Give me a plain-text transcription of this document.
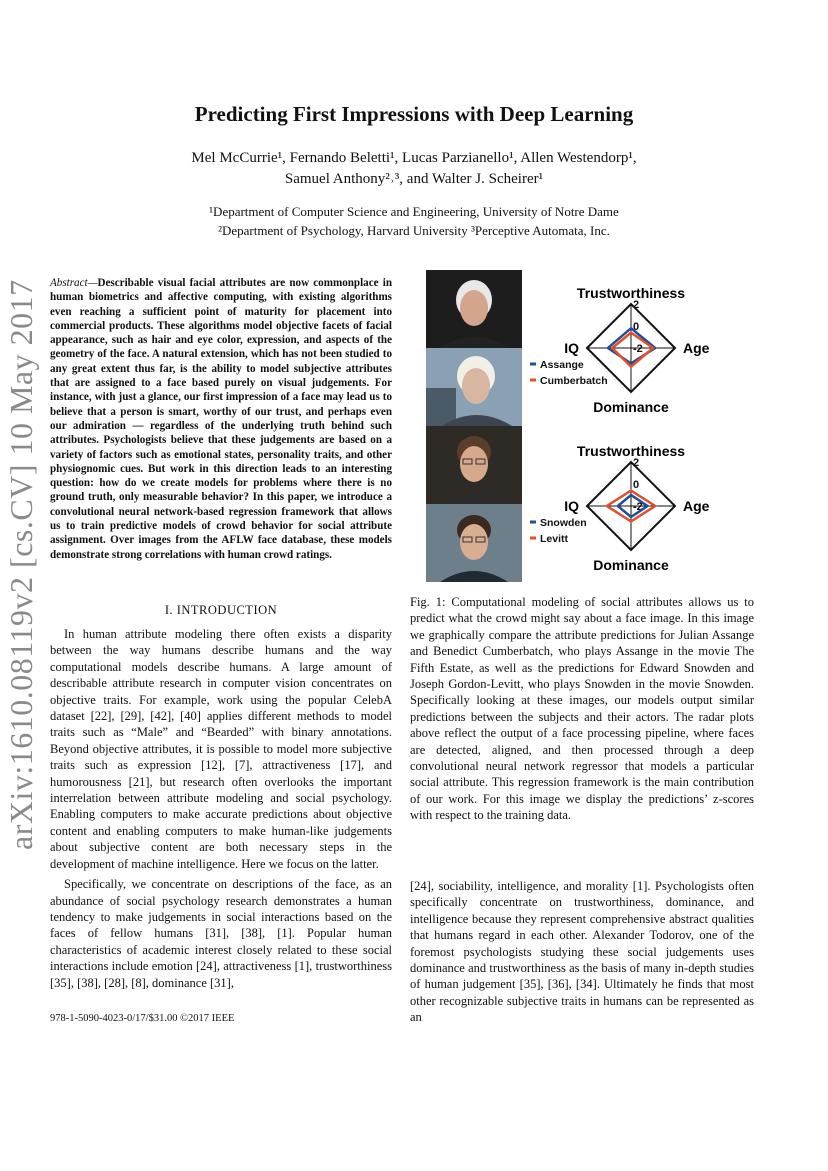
Predicting First Impressions with Deep Learning
Mel McCurrie¹, Fernando Beletti¹, Lucas Parzianello¹, Allen Westendorp¹,
Samuel Anthony²˒³, and Walter J. Scheirer¹
¹Department of Computer Science and Engineering, University of Notre Dame
²Department of Psychology, Harvard University ³Perceptive Automata, Inc.
arXiv:1610.08119v2 [cs.CV] 10 May 2017 Abstract—Describable visual facial attributes are now commonplace in human biometrics and affective computing, with existing algorithms even reaching a sufficient point of maturity for placement into commercial products. These algorithms model objective facets of facial appearance, such as hair and eye color, expression, and aspects of the geometry of the face. A natural extension, which has not been studied to any great extent thus far, is the ability to model subjective attributes that are assigned to a face based purely on visual judgements. For instance, with just a glance, our first impression of a face may lead us to believe that a person is smart, worthy of our trust, and perhaps even our admiration — regardless of the underlying truth behind such attributes. Psychologists believe that these judgements are based on a variety of factors such as emotional states, personality traits, and other physiognomic cues. But work in this direction leads to an interesting question: how do we create models for problems where there is no ground truth, only measurable behavior? In this paper, we introduce a convolutional neural network-based regression framework that allows us to train predictive models of crowd behavior for social attribute assignment. Over images from the AFLW face database, these models demonstrate strong correlations with human crowd ratings.
I. INTRODUCTION

In human attribute modeling there often exists a disparity between the way humans describe humans and the way computational models describe humans. A large amount of describable attribute research in computer vision concentrates on objective traits. For example, work using the popular CelebA dataset [22], [29], [42], [40] applies different methods to model traits such as “Male” and “Bearded” with binary annotations. Beyond objective attributes, it is possible to model more subjective traits such as expression [12], [7], attractiveness [17], and humorousness [21], but research often overlooks the important interrelation between attribute modeling and social psychology. Enabling computers to make accurate predictions about objective content and enabling computers to make human-like judgements about subjective content are both necessary steps in the development of machine intelligence. Here we focus on the latter.

Specifically, we concentrate on descriptions of the face, as an abundance of social psychology research demonstrates a human tendency to make judgements in social interactions based on the faces of fellow humans [31], [38], [1]. Popular human characteristics of academic interest closely related to these social interactions include emotion [24], attractiveness [1], trustworthiness [35], [38], [28], [8], dominance [31],

978-1-5090-4023-0/17/$31.00 ©2017 IEEE
2
0
-2
Assange
Cumberbatch
Trustworthiness
Age
Dominance
IQ
2
0
-2
Snowden
Levitt
Trustworthiness
Age
Dominance
IQ
Fig. 1: Computational modeling of social attributes allows us to predict what the crowd might say about a face image. In this image we graphically compare the attribute predictions for Julian Assange and Benedict Cumberbatch, who plays Assange in the movie The Fifth Estate, as well as the predictions for Edward Snowden and Joseph Gordon-Levitt, who plays Snowden in the movie Snowden. Specifically looking at these images, our models output similar predictions between the subjects and their actors. The radar plots above reflect the output of a face processing pipeline, where faces are detected, aligned, and then processed through a deep convolutional neural network regressor that models a particular social attribute. This regression framework is the main contribution of our work. For this image we display the predictions’ z-scores with respect to the training data.
[24], sociability, intelligence, and morality [1]. Psychologists often specifically concentrate on trustworthiness, dominance, and intelligence because they represent comprehensive abstract qualities that humans regard in each other. Alexander Todorov, one of the foremost psychologists studying these social judgements uses dominance and trustworthiness as the basis of many in-depth studies of human judgement [35], [36], [34]. Ultimately he finds that most other recognizable subjective traits in humans can be represented as an
